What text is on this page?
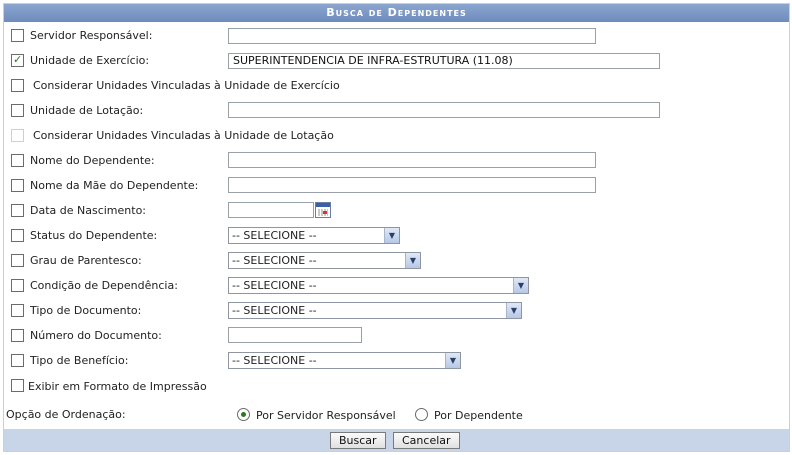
Busca de Dependentes
Servidor Responsável:
✓ Unidade de Exercício:	SUPERINTENDENCIA DE INFRA-ESTRUTURA (11.08)
Considerar Unidades Vinculadas à Unidade de Exercício
Unidade de Lotação:
Considerar Unidades Vinculadas à Unidade de Lotação
Nome do Dependente:
Nome da Mãe do Dependente:
Data de Nascimento:
Status do Dependente:	-- SELECIONE --	▼
Grau de Parentesco:	-- SELECIONE --	▼
Condição de Dependência:	-- SELECIONE --	▼
Tipo de Documento:	-- SELECIONE --	▼
Número do Documento:
Tipo de Benefício:	-- SELECIONE --	▼
Exibir em Formato de Impressão
Opção de Ordenação:	Por Servidor Responsável	Por Dependente
Buscar	Cancelar
